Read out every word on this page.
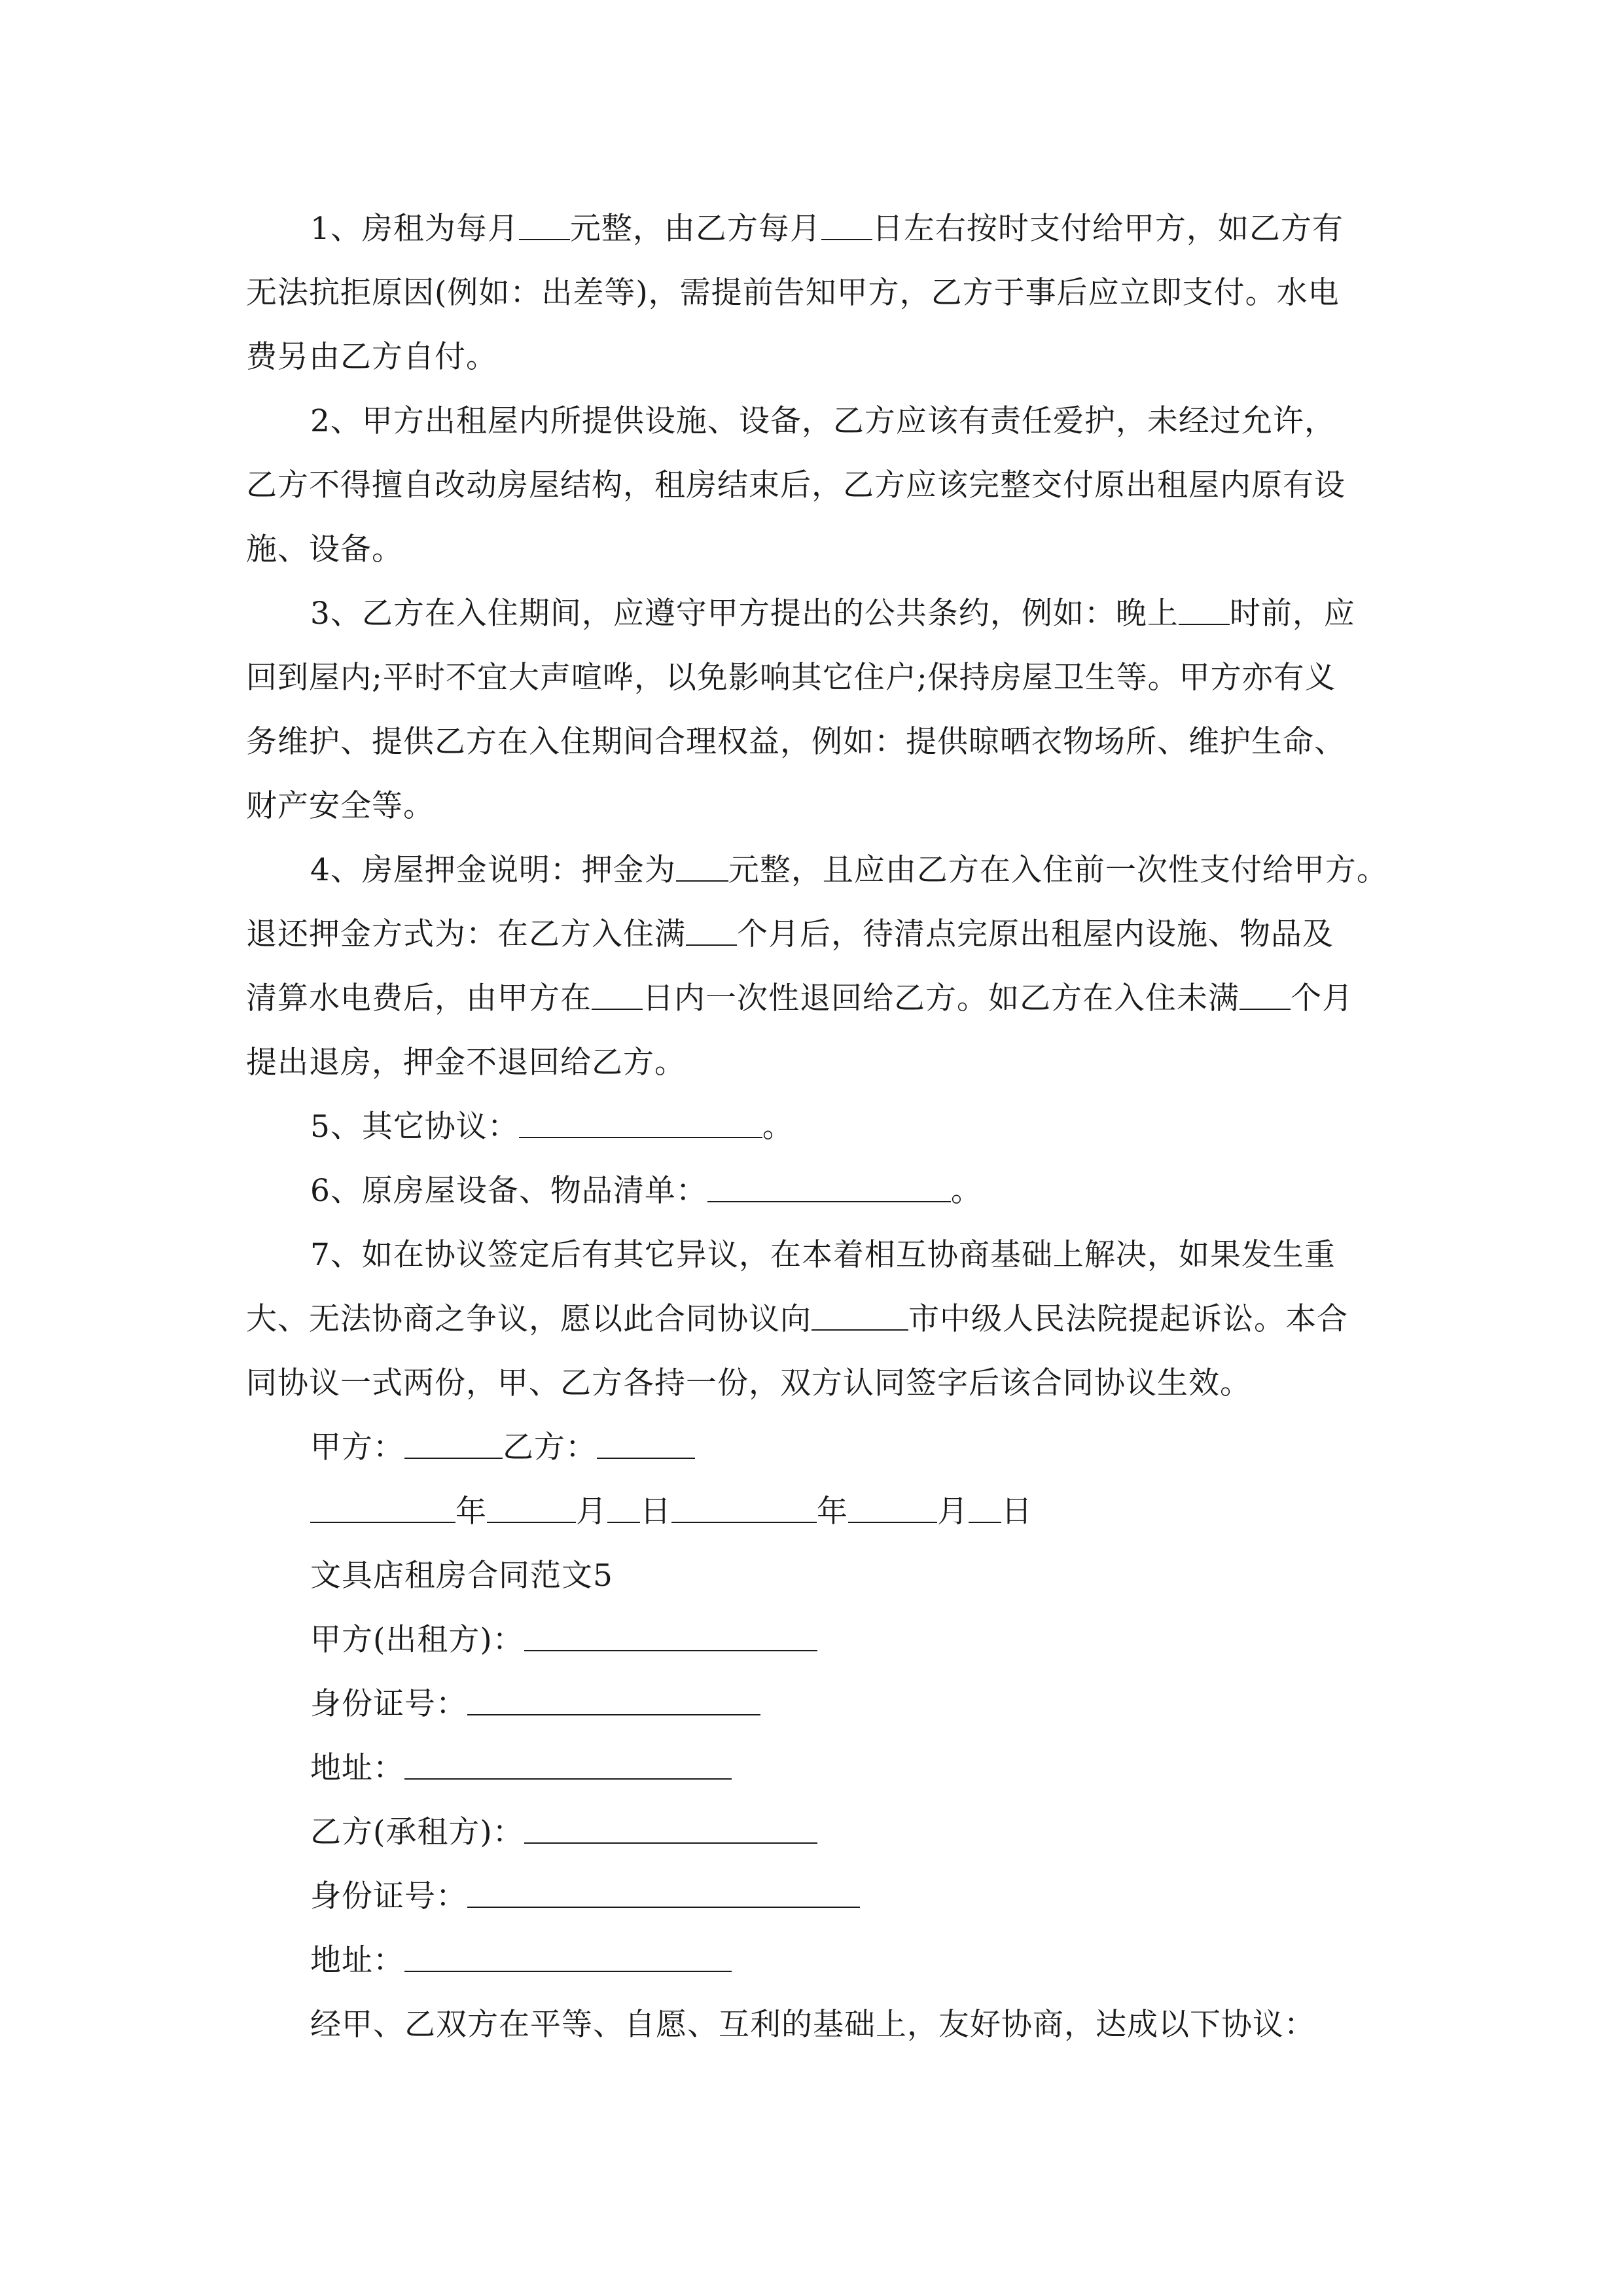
1、房租为每月 元整，由乙方每月 日左右按时支付给甲方，如乙方有

无法抗拒原因(例如：出差等)，需提前告知甲方，乙方于事后应立即支付。水电

费另由乙方自付。

2、甲方出租屋内所提供设施、设备，乙方应该有责任爱护，未经过允许，

乙方不得擅自改动房屋结构，租房结束后，乙方应该完整交付原出租屋内原有设

施、设备。

3、乙方在入住期间，应遵守甲方提出的公共条约，例如：晚上 时前，应

回到屋内;平时不宜大声喧哗，以免影响其它住户;保持房屋卫生等。甲方亦有义

务维护、提供乙方在入住期间合理权益，例如：提供晾晒衣物场所、维护生命、

财产安全等。

4、房屋押金说明：押金为 元整，且应由乙方在入住前一次性支付给甲方。

退还押金方式为：在乙方入住满 个月后，待清点完原出租屋内设施、物品及

清算水电费后，由甲方在 日内一次性退回给乙方。如乙方在入住未满 个月

提出退房，押金不退回给乙方。

5、其它协议：	。

6、原房屋设备、物品清单：	。

7、如在协议签定后有其它异议，在本着相互协商基础上解决，如果发生重

大、无法协商之争议，愿以此合同协议向	市中级人民法院提起诉讼。本合

同协议一式两份，甲、乙方各持一份，双方认同签字后该合同协议生效。

甲方：	乙方：

年	月 日	年	月 日

文具店租房合同范文5

甲方(出租方)：

身份证号：

地址：

乙方(承租方)：

身份证号：

地址：

经甲、乙双方在平等、自愿、互利的基础上，友好协商，达成以下协议：
